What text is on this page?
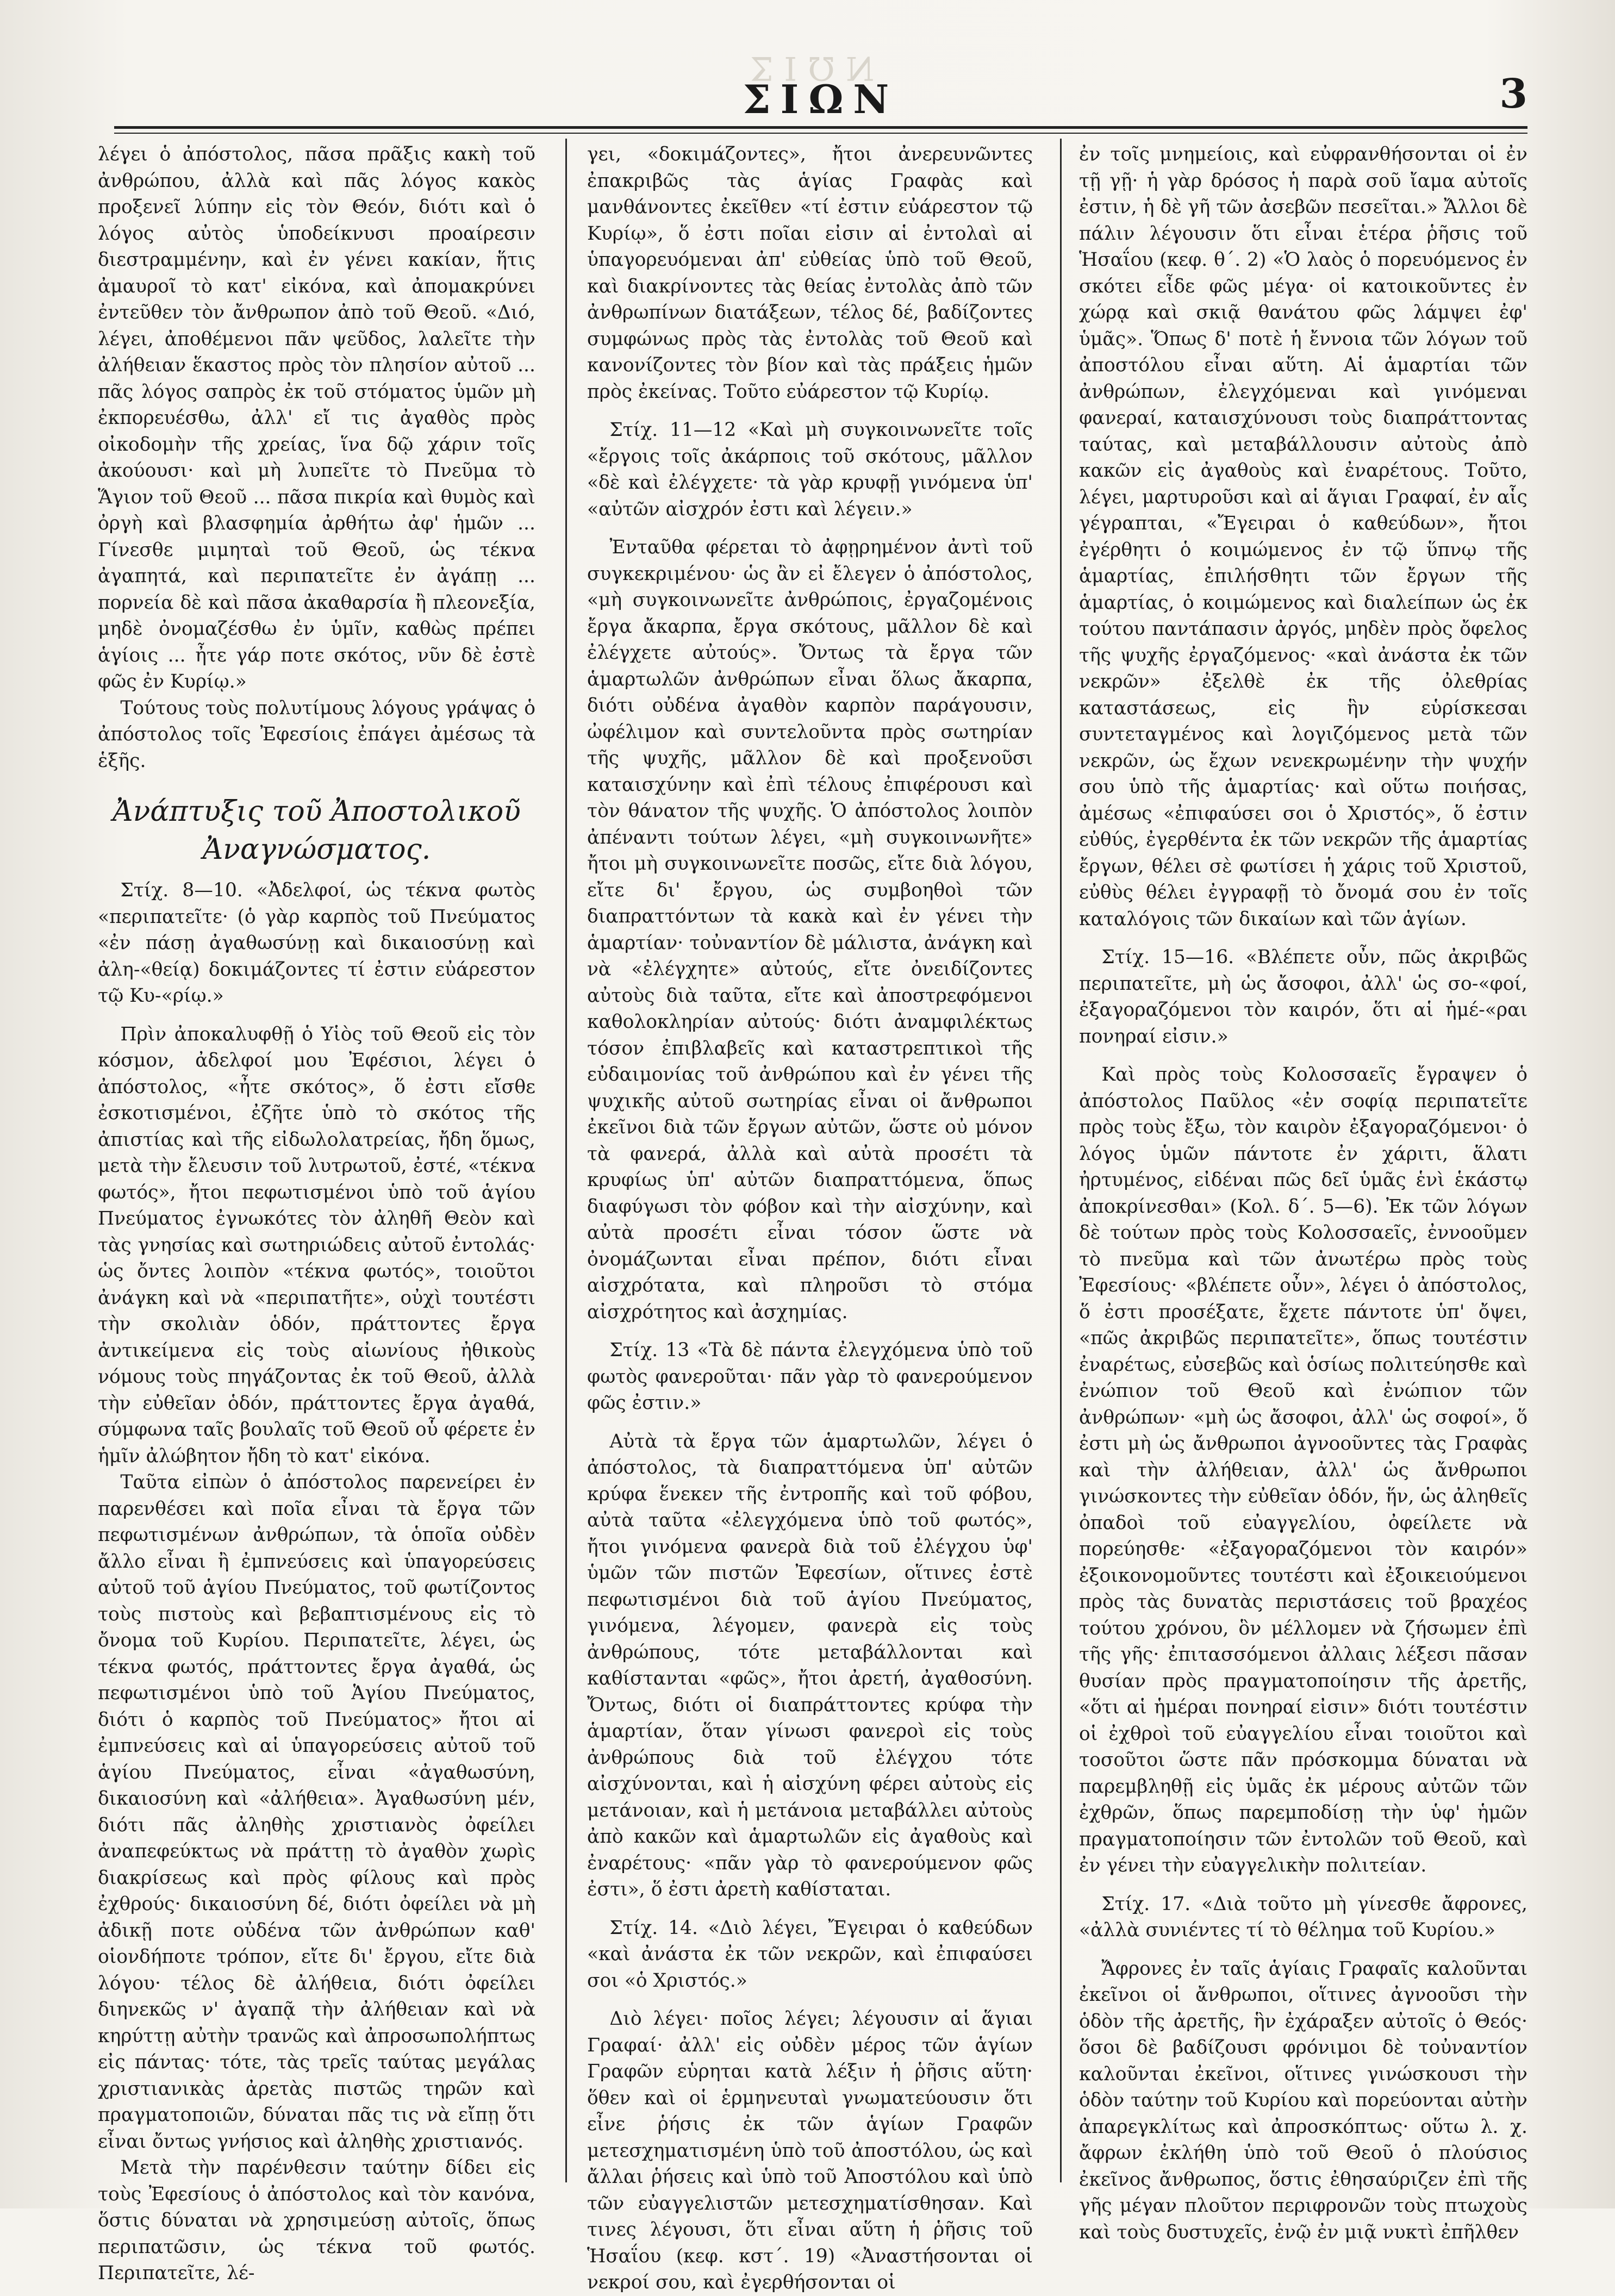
ΣΙΩΝ
ΣΙΩΝ	3

λέγει ὁ ἀπόστολος, πᾶσα πρᾶξις κακὴ τοῦ ἀνθρώπου, ἀλλὰ καὶ πᾶς λόγος κακὸς προξενεῖ λύπην εἰς τὸν Θεόν, διότι καὶ ὁ λόγος αὐτὸς ὑποδείκνυσι προαίρεσιν διεστραμμένην, καὶ ἐν γένει κακίαν, ἥτις ἀμαυροῖ τὸ κατ' εἰκόνα, καὶ ἀπομακρύνει ἐντεῦθεν τὸν ἄνθρωπον ἀπὸ τοῦ Θεοῦ. «Διό, λέγει, ἀποθέμενοι πᾶν ψεῦδος, λαλεῖτε τὴν ἀλήθειαν ἕκαστος πρὸς τὸν πλησίον αὐτοῦ ... πᾶς λόγος σαπρὸς ἐκ τοῦ στόματος ὑμῶν μὴ ἐκπορευέσθω, ἀλλ' εἴ τις ἀγαθὸς πρὸς οἰκοδομὴν τῆς χρείας, ἵνα δῷ χάριν τοῖς ἀκούουσι· καὶ μὴ λυπεῖτε τὸ Πνεῦμα τὸ Ἅγιον τοῦ Θεοῦ ... πᾶσα πικρία καὶ θυμὸς καὶ ὀργὴ καὶ βλασφημία ἀρθήτω ἀφ' ἡμῶν ... Γίνεσθε μιμηταὶ τοῦ Θεοῦ, ὡς τέκνα ἀγαπητά, καὶ περιπατεῖτε ἐν ἀγάπῃ ... πορνεία δὲ καὶ πᾶσα ἀκαθαρσία ἢ πλεονεξία, μηδὲ ὀνομαζέσθω ἐν ὑμῖν, καθὼς πρέπει ἁγίοις ... ἦτε γάρ ποτε σκότος, νῦν δὲ ἐστὲ φῶς ἐν Κυρίῳ.»

Τούτους τοὺς πολυτίμους λόγους γράψας ὁ ἀπόστολος τοῖς Ἐφεσίοις ἐπάγει ἀμέσως τὰ ἑξῆς.

Ἀνάπτυξις τοῦ Ἀποστολικοῦ Ἀναγνώσματος.

Στίχ. 8—10. «Ἀδελφοί, ὡς τέκνα φωτὸς «περιπατεῖτε· (ὁ γὰρ καρπὸς τοῦ Πνεύματος «ἐν πάσῃ ἀγαθωσύνῃ καὶ δικαιοσύνῃ καὶ ἀλη-«θείᾳ) δοκιμάζοντες τί ἐστιν εὐάρεστον τῷ Κυ-«ρίῳ.»

Πρὶν ἀποκαλυφθῇ ὁ Υἱὸς τοῦ Θεοῦ εἰς τὸν κόσμον, ἀδελφοί μου Ἐφέσιοι, λέγει ὁ ἀπόστολος, «ἦτε σκότος», ὅ ἐστι εἴσθε ἐσκοτισμένοι, ἐζῆτε ὑπὸ τὸ σκότος τῆς ἀπιστίας καὶ τῆς εἰδωλολατρείας, ἤδη ὅμως, μετὰ τὴν ἔλευσιν τοῦ λυτρωτοῦ, ἐστέ, «τέκνα φωτός», ἤτοι πεφωτισμένοι ὑπὸ τοῦ ἁγίου Πνεύματος ἐγνωκότες τὸν ἀληθῆ Θεὸν καὶ τὰς γνησίας καὶ σωτηριώδεις αὐτοῦ ἐντολάς· ὡς ὄντες λοιπὸν «τέκνα φωτός», τοιοῦτοι ἀνάγκη καὶ νὰ «περιπατῆτε», οὐχὶ τουτέστι τὴν σκολιὰν ὁδόν, πράττοντες ἔργα ἀντικείμενα εἰς τοὺς αἰωνίους ἠθικοὺς νόμους τοὺς πηγάζοντας ἐκ τοῦ Θεοῦ, ἀλλὰ τὴν εὐθεῖαν ὁδόν, πράττοντες ἔργα ἀγαθά, σύμφωνα ταῖς βουλαῖς τοῦ Θεοῦ οὗ φέρετε ἐν ἡμῖν ἀλώβητον ἤδη τὸ κατ' εἰκόνα.

Ταῦτα εἰπὼν ὁ ἀπόστολος παρενείρει ἐν παρενθέσει καὶ ποῖα εἶναι τὰ ἔργα τῶν πεφωτισμένων ἀνθρώπων, τὰ ὁποῖα οὐδὲν ἄλλο εἶναι ἢ ἐμπνεύσεις καὶ ὑπαγορεύσεις αὐτοῦ τοῦ ἁγίου Πνεύματος, τοῦ φωτίζοντος τοὺς πιστοὺς καὶ βεβαπτισμένους εἰς τὸ ὄνομα τοῦ Κυρίου. Περιπατεῖτε, λέγει, ὡς τέκνα φωτός, πράττοντες ἔργα ἀγαθά, ὡς πεφωτισμένοι ὑπὸ τοῦ Ἁγίου Πνεύματος, διότι ὁ καρπὸς τοῦ Πνεύματος» ἤτοι αἱ ἐμπνεύσεις καὶ αἱ ὑπαγορεύσεις αὐτοῦ τοῦ ἁγίου Πνεύματος, εἶναι «ἀγαθωσύνη, δικαιοσύνη καὶ «ἀλήθεια». Ἀγαθωσύνη μέν, διότι πᾶς ἀληθὴς χριστιανὸς ὀφείλει ἀναπεφεύκτως νὰ πράττῃ τὸ ἀγαθὸν χωρὶς διακρίσεως καὶ πρὸς φίλους καὶ πρὸς ἐχθρούς· δικαιοσύνη δέ, διότι ὀφείλει νὰ μὴ ἀδικῇ ποτε οὐδένα τῶν ἀνθρώπων καθ' οἱονδήποτε τρόπον, εἴτε δι' ἔργου, εἴτε διὰ λόγου· τέλος δὲ ἀλήθεια, διότι ὀφείλει διηνεκῶς ν' ἀγαπᾷ τὴν ἀλήθειαν καὶ νὰ κηρύττῃ αὐτὴν τρανῶς καὶ ἀπροσωπολήπτως εἰς πάντας· τότε, τὰς τρεῖς ταύτας μεγάλας χριστιανικὰς ἀρετὰς πιστῶς τηρῶν καὶ πραγματοποιῶν, δύναται πᾶς τις νὰ εἴπῃ ὅτι εἶναι ὄντως γνήσιος καὶ ἀληθὴς χριστιανός.

Μετὰ τὴν παρένθεσιν ταύτην δίδει εἰς τοὺς Ἐφεσίους ὁ ἀπόστολος καὶ τὸν κανόνα, ὅστις δύναται νὰ χρησιμεύσῃ αὐτοῖς, ὅπως περιπατῶσιν, ὡς τέκνα τοῦ φωτός. Περιπατεῖτε, λέ-

γει, «δοκιμάζοντες», ἤτοι ἀνερευνῶντες ἐπακριβῶς τὰς ἁγίας Γραφὰς καὶ μανθάνοντες ἐκεῖθεν «τί ἐστιν εὐάρεστον τῷ Κυρίῳ», ὅ ἐστι ποῖαι εἰσιν αἱ ἐντολαὶ αἱ ὑπαγορευόμεναι ἀπ' εὐθείας ὑπὸ τοῦ Θεοῦ, καὶ διακρίνοντες τὰς θείας ἐντολὰς ἀπὸ τῶν ἀνθρωπίνων διατάξεων, τέλος δέ, βαδίζοντες συμφώνως πρὸς τὰς ἐντολὰς τοῦ Θεοῦ καὶ κανονίζοντες τὸν βίον καὶ τὰς πράξεις ἡμῶν πρὸς ἐκείνας. Τοῦτο εὐάρεστον τῷ Κυρίῳ.

Στίχ. 11—12 «Καὶ μὴ συγκοινωνεῖτε τοῖς «ἔργοις τοῖς ἀκάρποις τοῦ σκότους, μᾶλλον «δὲ καὶ ἐλέγχετε· τὰ γὰρ κρυφῇ γινόμενα ὑπ' «αὐτῶν αἰσχρόν ἐστι καὶ λέγειν.»

Ἐνταῦθα φέρεται τὸ ἀφῃρημένον ἀντὶ τοῦ συγκεκριμένου· ὡς ἂν εἰ ἔλεγεν ὁ ἀπόστολος, «μὴ συγκοινωνεῖτε ἀνθρώποις, ἐργαζομένοις ἔργα ἄκαρπα, ἔργα σκότους, μᾶλλον δὲ καὶ ἐλέγχετε αὐτούς». Ὄντως τὰ ἔργα τῶν ἁμαρτωλῶν ἀνθρώπων εἶναι ὅλως ἄκαρπα, διότι οὐδένα ἀγαθὸν καρπὸν παράγουσιν, ὠφέλιμον καὶ συντελοῦντα πρὸς σωτηρίαν τῆς ψυχῆς, μᾶλλον δὲ καὶ προξενοῦσι καταισχύνην καὶ ἐπὶ τέλους ἐπιφέρουσι καὶ τὸν θάνατον τῆς ψυχῆς. Ὁ ἀπόστολος λοιπὸν ἀπέναντι τούτων λέγει, «μὴ συγκοινωνῆτε» ἤτοι μὴ συγκοινωνεῖτε ποσῶς, εἴτε διὰ λόγου, εἴτε δι' ἔργου, ὡς συμβοηθοὶ τῶν διαπραττόντων τὰ κακὰ καὶ ἐν γένει τὴν ἁμαρτίαν· τοὐναντίον δὲ μάλιστα, ἀνάγκη καὶ νὰ «ἐλέγχητε» αὐτούς, εἴτε ὀνειδίζοντες αὐτοὺς διὰ ταῦτα, εἴτε καὶ ἀποστρεφόμενοι καθολοκληρίαν αὐτούς· διότι ἀναμφιλέκτως τόσον ἐπιβλαβεῖς καὶ καταστρεπτικοὶ τῆς εὐδαιμονίας τοῦ ἀνθρώπου καὶ ἐν γένει τῆς ψυχικῆς αὐτοῦ σωτηρίας εἶναι οἱ ἄνθρωποι ἐκεῖνοι διὰ τῶν ἔργων αὐτῶν, ὥστε οὐ μόνον τὰ φανερά, ἀλλὰ καὶ αὐτὰ προσέτι τὰ κρυφίως ὑπ' αὐτῶν διαπραττόμενα, ὅπως διαφύγωσι τὸν φόβον καὶ τὴν αἰσχύνην, καὶ αὐτὰ προσέτι εἶναι τόσον ὥστε νὰ ὀνομάζωνται εἶναι πρέπον, διότι εἶναι αἰσχρότατα, καὶ πληροῦσι τὸ στόμα αἰσχρότητος καὶ ἀσχημίας.

Στίχ. 13 «Τὰ δὲ πάντα ἐλεγχόμενα ὑπὸ τοῦ φωτὸς φανεροῦται· πᾶν γὰρ τὸ φανερούμενον φῶς ἐστιν.»

Αὐτὰ τὰ ἔργα τῶν ἁμαρτωλῶν, λέγει ὁ ἀπόστολος, τὰ διαπραττόμενα ὑπ' αὐτῶν κρύφα ἕνεκεν τῆς ἐντροπῆς καὶ τοῦ φόβου, αὐτὰ ταῦτα «ἐλεγχόμενα ὑπὸ τοῦ φωτός», ἤτοι γινόμενα φανερὰ διὰ τοῦ ἐλέγχου ὑφ' ὑμῶν τῶν πιστῶν Ἐφεσίων, οἵτινες ἐστὲ πεφωτισμένοι διὰ τοῦ ἁγίου Πνεύματος, γινόμενα, λέγομεν, φανερὰ εἰς τοὺς ἀνθρώπους, τότε μεταβάλλονται καὶ καθίστανται «φῶς», ἤτοι ἀρετή, ἀγαθοσύνη. Ὄντως, διότι οἱ διαπράττοντες κρύφα τὴν ἁμαρτίαν, ὅταν γίνωσι φανεροὶ εἰς τοὺς ἀνθρώπους διὰ τοῦ ἐλέγχου τότε αἰσχύνονται, καὶ ἡ αἰσχύνη φέρει αὐτοὺς εἰς μετάνοιαν, καὶ ἡ μετάνοια μεταβάλλει αὐτοὺς ἀπὸ κακῶν καὶ ἁμαρτωλῶν εἰς ἀγαθοὺς καὶ ἐναρέτους· «πᾶν γὰρ τὸ φανερούμενον φῶς ἐστι», ὅ ἐστι ἀρετὴ καθίσταται.

Στίχ. 14. «Διὸ λέγει, Ἔγειραι ὁ καθεύδων «καὶ ἀνάστα ἐκ τῶν νεκρῶν, καὶ ἐπιφαύσει σοι «ὁ Χριστός.»

Διὸ λέγει· ποῖος λέγει; λέγουσιν αἱ ἅγιαι Γραφαί· ἀλλ' εἰς οὐδὲν μέρος τῶν ἁγίων Γραφῶν εὑρηται κατὰ λέξιν ἡ ῥῆσις αὕτη· ὅθεν καὶ οἱ ἑρμηνευταὶ γνωματεύουσιν ὅτι εἶνε ῥήσις ἐκ τῶν ἁγίων Γραφῶν μετεσχηματισμένη ὑπὸ τοῦ ἀποστόλου, ὡς καὶ ἄλλαι ῥήσεις καὶ ὑπὸ τοῦ Ἀποστόλου καὶ ὑπὸ τῶν εὐαγγελιστῶν μετεσχηματίσθησαν. Καὶ τινες λέγουσι, ὅτι εἶναι αὕτη ἡ ῥῆσις τοῦ Ἡσαΐου (κεφ. κστ΄. 19) «Ἀναστήσονται οἱ νεκροί σου, καὶ ἐγερθήσονται οἱ

ἐν τοῖς μνημείοις, καὶ εὐφρανθήσονται οἱ ἐν τῇ γῇ· ἡ γὰρ δρόσος ἡ παρὰ σοῦ ἴαμα αὐτοῖς ἐστιν, ἡ δὲ γῆ τῶν ἀσεβῶν πεσεῖται.» Ἄλλοι δὲ πάλιν λέγουσιν ὅτι εἶναι ἑτέρα ῥῆσις τοῦ Ἡσαΐου (κεφ. θ΄. 2) «Ὁ λαὸς ὁ πορευόμενος ἐν σκότει εἶδε φῶς μέγα· οἱ κατοικοῦντες ἐν χώρᾳ καὶ σκιᾷ θανάτου φῶς λάμψει ἐφ' ὑμᾶς». Ὅπως δ' ποτὲ ἡ ἔννοια τῶν λόγων τοῦ ἀποστόλου εἶναι αὕτη. Αἱ ἁμαρτίαι τῶν ἀνθρώπων, ἐλεγχόμεναι καὶ γινόμεναι φανεραί, καταισχύνουσι τοὺς διαπράττοντας ταύτας, καὶ μεταβάλλουσιν αὐτοὺς ἀπὸ κακῶν εἰς ἀγαθοὺς καὶ ἐναρέτους. Τοῦτο, λέγει, μαρτυροῦσι καὶ αἱ ἅγιαι Γραφαί, ἐν αἷς γέγραπται, «Ἔγειραι ὁ καθεύδων», ἤτοι ἐγέρθητι ὁ κοιμώμενος ἐν τῷ ὕπνῳ τῆς ἁμαρτίας, ἐπιλήσθητι τῶν ἔργων τῆς ἁμαρτίας, ὁ κοιμώμενος καὶ διαλείπων ὡς ἐκ τούτου παντάπασιν ἀργός, μηδὲν πρὸς ὄφελος τῆς ψυχῆς ἐργαζόμενος· «καὶ ἀνάστα ἐκ τῶν νεκρῶν» ἐξελθὲ ἐκ τῆς ὀλεθρίας καταστάσεως, εἰς ἣν εὑρίσκεσαι συντεταγμένος καὶ λογιζόμενος μετὰ τῶν νεκρῶν, ὡς ἔχων νενεκρωμένην τὴν ψυχήν σου ὑπὸ τῆς ἁμαρτίας· καὶ οὕτω ποιήσας, ἀμέσως «ἐπιφαύσει σοι ὁ Χριστός», ὅ ἐστιν εὐθύς, ἐγερθέντα ἐκ τῶν νεκρῶν τῆς ἁμαρτίας ἔργων, θέλει σὲ φωτίσει ἡ χάρις τοῦ Χριστοῦ, εὐθὺς θέλει ἐγγραφῇ τὸ ὄνομά σου ἐν τοῖς καταλόγοις τῶν δικαίων καὶ τῶν ἁγίων.

Στίχ. 15—16. «Βλέπετε οὖν, πῶς ἀκριβῶς περιπατεῖτε, μὴ ὡς ἄσοφοι, ἀλλ' ὡς σο-«φοί, ἐξαγοραζόμενοι τὸν καιρόν, ὅτι αἱ ἡμέ-«ραι πονηραί εἰσιν.»

Καὶ πρὸς τοὺς Κολοσσαεῖς ἔγραψεν ὁ ἀπόστολος Παῦλος «ἐν σοφίᾳ περιπατεῖτε πρὸς τοὺς ἔξω, τὸν καιρὸν ἐξαγοραζόμενοι· ὁ λόγος ὑμῶν πάντοτε ἐν χάριτι, ἅλατι ἠρτυμένος, εἰδέναι πῶς δεῖ ὑμᾶς ἑνὶ ἑκάστῳ ἀποκρίνεσθαι» (Κολ. δ΄. 5—6). Ἐκ τῶν λόγων δὲ τούτων πρὸς τοὺς Κολοσσαεῖς, ἐννοοῦμεν τὸ πνεῦμα καὶ τῶν ἀνωτέρω πρὸς τοὺς Ἐφεσίους· «βλέπετε οὖν», λέγει ὁ ἀπόστολος, ὅ ἐστι προσέξατε, ἔχετε πάντοτε ὑπ' ὄψει, «πῶς ἀκριβῶς περιπατεῖτε», ὅπως τουτέστιν ἐναρέτως, εὐσεβῶς καὶ ὁσίως πολιτεύησθε καὶ ἐνώπιον τοῦ Θεοῦ καὶ ἐνώπιον τῶν ἀνθρώπων· «μὴ ὡς ἄσοφοι, ἀλλ' ὡς σοφοί», ὅ ἐστι μὴ ὡς ἄνθρωποι ἀγνοοῦντες τὰς Γραφὰς καὶ τὴν ἀλήθειαν, ἀλλ' ὡς ἄνθρωποι γινώσκοντες τὴν εὐθεῖαν ὁδόν, ἥν, ὡς ἀληθεῖς ὀπαδοὶ τοῦ εὐαγγελίου, ὀφείλετε νὰ πορεύησθε· «ἐξαγοραζόμενοι τὸν καιρόν» ἐξοικονομοῦντες τουτέστι καὶ ἐξοικειούμενοι πρὸς τὰς δυνατὰς περιστάσεις τοῦ βραχέος τούτου χρόνου, ὃν μέλλομεν νὰ ζήσωμεν ἐπὶ τῆς γῆς· ἐπιτασσόμενοι ἀλλαις λέξεσι πᾶσαν θυσίαν πρὸς πραγματοποίησιν τῆς ἀρετῆς, «ὅτι αἱ ἡμέραι πονηραί εἰσιν» διότι τουτέστιν οἱ ἐχθροὶ τοῦ εὐαγγελίου εἶναι τοιοῦτοι καὶ τοσοῦτοι ὥστε πᾶν πρόσκομμα δύναται νὰ παρεμβληθῇ εἰς ὑμᾶς ἐκ μέρους αὐτῶν τῶν ἐχθρῶν, ὅπως παρεμποδίσῃ τὴν ὑφ' ἡμῶν πραγματοποίησιν τῶν ἐντολῶν τοῦ Θεοῦ, καὶ ἐν γένει τὴν εὐαγγελικὴν πολιτείαν.

Στίχ. 17. «Διὰ τοῦτο μὴ γίνεσθε ἄφρονες, «ἀλλὰ συνιέντες τί τὸ θέλημα τοῦ Κυρίου.»

Ἄφρονες ἐν ταῖς ἁγίαις Γραφαῖς καλοῦνται ἐκεῖνοι οἱ ἄνθρωποι, οἵτινες ἀγνοοῦσι τὴν ὁδὸν τῆς ἀρετῆς, ἣν ἐχάραξεν αὐτοῖς ὁ Θεός· ὅσοι δὲ βαδίζουσι φρόνιμοι δὲ τοὐναντίον καλοῦνται ἐκεῖνοι, οἵτινες γινώσκουσι τὴν ὁδὸν ταύτην τοῦ Κυρίου καὶ πορεύονται αὐτὴν ἀπαρεγκλίτως καὶ ἀπροσκόπτως· οὕτω λ. χ. ἄφρων ἐκλήθη ὑπὸ τοῦ Θεοῦ ὁ πλούσιος ἐκεῖνος ἄνθρωπος, ὅστις ἐθησαύριζεν ἐπὶ τῆς γῆς μέγαν πλοῦτον περιφρονῶν τοὺς πτωχοὺς καὶ τοὺς δυστυχεῖς, ἐνῷ ἐν μιᾷ νυκτὶ ἐπῆλθεν
